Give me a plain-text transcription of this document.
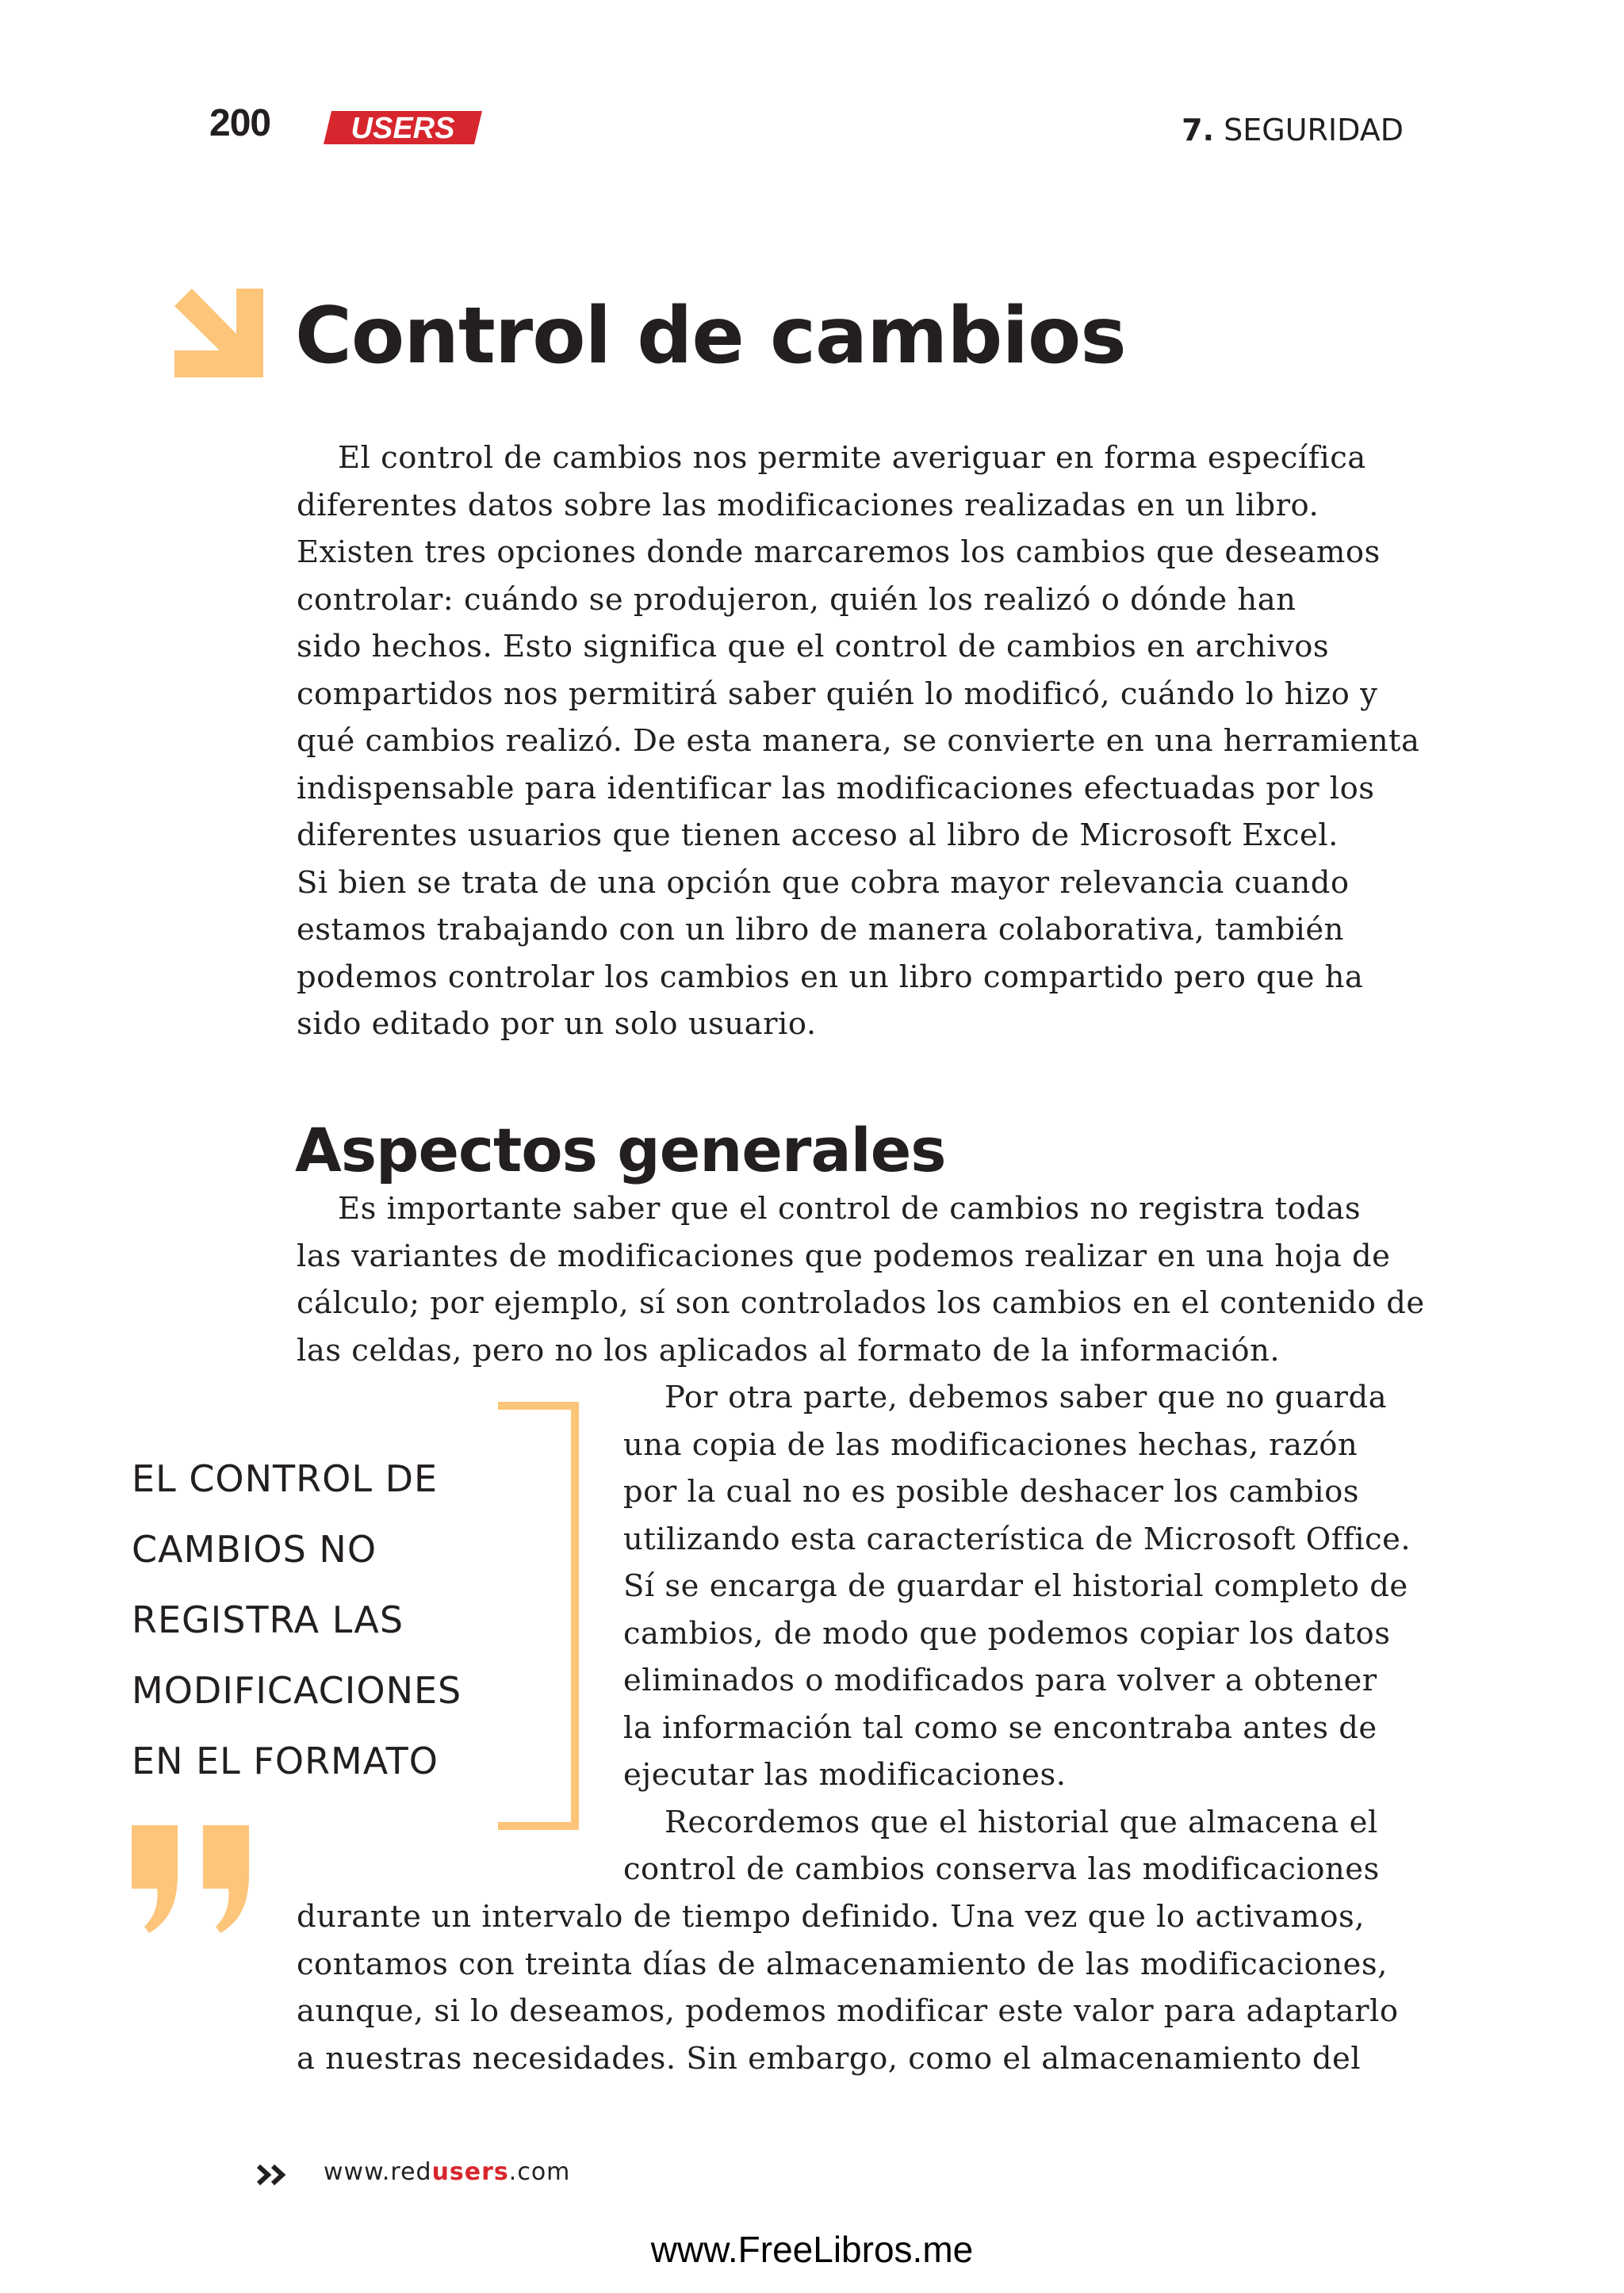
200	USERS	7. SEGURIDAD
Control de cambios
El control de cambios nos permite averiguar en forma específica
diferentes datos sobre las modificaciones realizadas en un libro.
Existen tres opciones donde marcaremos los cambios que deseamos
controlar: cuándo se produjeron, quién los realizó o dónde han
sido hechos. Esto significa que el control de cambios en archivos
compartidos nos permitirá saber quién lo modificó, cuándo lo hizo y
qué cambios realizó. De esta manera, se convierte en una herramienta
indispensable para identificar las modificaciones efectuadas por los
diferentes usuarios que tienen acceso al libro de Microsoft Excel.
Si bien se trata de una opción que cobra mayor relevancia cuando
estamos trabajando con un libro de manera colaborativa, también
podemos controlar los cambios en un libro compartido pero que ha
sido editado por un solo usuario.
Aspectos generales
Es importante saber que el control de cambios no registra todas
las variantes de modificaciones que podemos realizar en una hoja de
cálculo; por ejemplo, sí son controlados los cambios en el contenido de
las celdas, pero no los aplicados al formato de la información.
Por otra parte, debemos saber que no guarda
una copia de las modificaciones hechas, razón
por la cual no es posible deshacer los cambios
utilizando esta característica de Microsoft Office.
Sí se encarga de guardar el historial completo de
cambios, de modo que podemos copiar los datos
eliminados o modificados para volver a obtener
la información tal como se encontraba antes de
ejecutar las modificaciones.
Recordemos que el historial que almacena el
control de cambios conserva las modificaciones
durante un intervalo de tiempo definido. Una vez que lo activamos,
contamos con treinta días de almacenamiento de las modificaciones,
aunque, si lo deseamos, podemos modificar este valor para adaptarlo
a nuestras necesidades. Sin embargo, como el almacenamiento del
EL CONTROL DE
CAMBIOS NO
REGISTRA LAS
MODIFICACIONES
EN EL FORMATO
www.redusers.com
www.FreeLibros.me
